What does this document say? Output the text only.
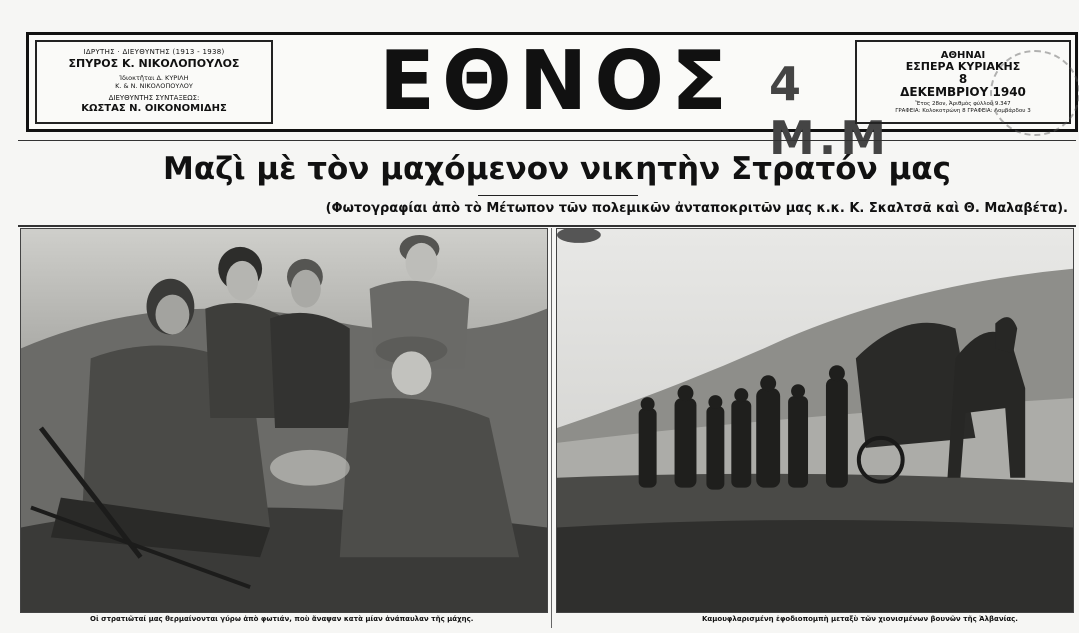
ΙΔΡΥΤΗΣ · ΔΙΕΥΘΥΝΤΗΣ (1913 - 1938)
ΣΠΥΡΟΣ Κ. ΝΙΚΟΛΟΠΟΥΛΟΣ
Ἰδιοκτῆται Δ. ΚΥΡΙΛΗ
Κ. & Ν. ΝΙΚΟΛΟΠΟΥΛΟΥ
ΔΙΕΥΘΥΝΤΗΣ ΣΥΝΤΑΞΕΩΣ:
ΚΩΣΤΑΣ Ν. ΟΙΚΟΝΟΜΙΔΗΣ	ΕΘΝΟΣ 4 Μ.Μ
ΑΘΗΝΑΙ
ΕΣΠΕΡΑ ΚΥΡΙΑΚΗΣ
8
ΔΕΚΕΜΒΡΙΟΥ 1940
Ἔτος 28ον, Ἀριθμὸς φύλλου 9.347
ΓΡΑΦΕΙΑ: Κολοκοτρώνη 8 ΓΡΑΦΕΙΑ: Λομβάρδου 3
Μαζὶ μὲ τὸν μαχόμενον νικητὴν Στρατόν μας
(Φωτογραφίαι ἀπὸ τὸ Μέτωπον τῶν πολεμικῶν ἀνταποκριτῶν μας κ.κ. Κ. Σκαλτσᾶ καὶ Θ. Μαλαβέτα).
Οἱ στρατιῶταί μας θερμαίνονται γύρω ἀπὸ φωτιάν, ποὺ ἄναψαν κατὰ μίαν ἀνάπαυλαν τῆς μάχης.	Καμουφλαρισμένη ἐφοδιοπομπὴ μεταξὺ τῶν χιονισμένων βουνῶν τῆς Ἀλβανίας.
